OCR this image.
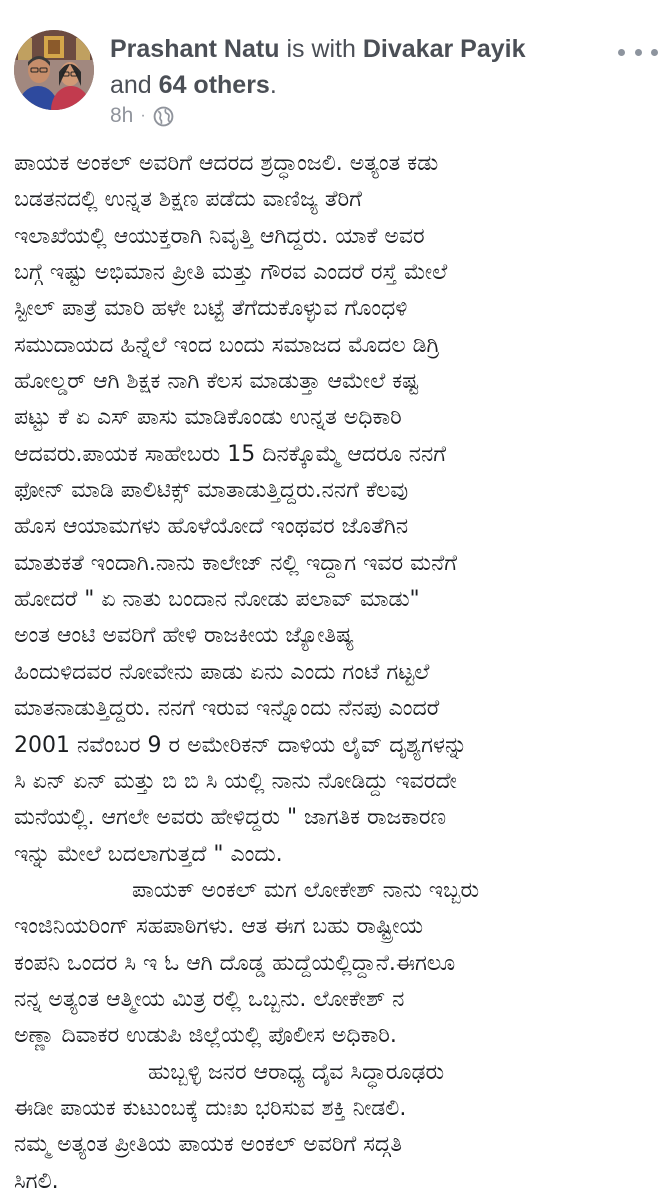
Prashant Natu is with Divakar Payik
and 64 others.
8h ·
ಪಾಯಕ ಅಂಕಲ್ ಅವರಿಗೆ ಆದರದ ಶ್ರದ್ಧಾಂಜಲಿ. ಅತ್ಯಂತ ಕಡು
ಬಡತನದಲ್ಲಿ ಉನ್ನತ ಶಿಕ್ಷಣ ಪಡೆದು ವಾಣಿಜ್ಯ ತೆರಿಗೆ
ಇಲಾಖೆಯಲ್ಲಿ ಆಯುಕ್ತರಾಗಿ ನಿವೃತ್ತಿ ಆಗಿದ್ದರು. ಯಾಕೆ ಅವರ
ಬಗ್ಗೆ ಇಷ್ಟು ಅಭಿಮಾನ ಪ್ರೀತಿ ಮತ್ತು ಗೌರವ ಎಂದರೆ ರಸ್ತೆ ಮೇಲೆ
ಸ್ಟೀಲ್ ಪಾತ್ರೆ ಮಾರಿ ಹಳೇ ಬಟ್ಟೆ ತೆಗೆದುಕೊಳ್ಳುವ ಗೊಂಧಳಿ
ಸಮುದಾಯದ ಹಿನ್ನೆಲೆ ಇಂದ ಬಂದು ಸಮಾಜದ ಮೊದಲ ಡಿಗ್ರಿ
ಹೋಲ್ಡರ್ ಆಗಿ ಶಿಕ್ಷಕ ನಾಗಿ ಕೆಲಸ ಮಾಡುತ್ತಾ ಆಮೇಲೆ ಕಷ್ಟ
ಪಟ್ಟು ಕೆ ಏ ಎಸ್ ಪಾಸು ಮಾಡಿಕೊಂಡು ಉನ್ನತ ಅಧಿಕಾರಿ
ಆದವರು.ಪಾಯಕ ಸಾಹೇಬರು 15 ದಿನಕ್ಕೊಮ್ಮೆ ಆದರೂ ನನಗೆ
ಫೋನ್ ಮಾಡಿ ಪಾಲಿಟಿಕ್ಸ್ ಮಾತಾಡುತ್ತಿದ್ದರು.ನನಗೆ ಕೆಲವು
ಹೊಸ ಆಯಾಮಗಳು ಹೊಳೆಯೋದೆ ಇಂಥವರ ಜೊತೆಗಿನ
ಮಾತುಕತೆ ಇಂದಾಗಿ.ನಾನು ಕಾಲೇಜ್ ನಲ್ಲಿ ಇದ್ದಾಗ ಇವರ ಮನೆಗೆ
ಹೋದರೆ " ಏ ನಾತು ಬಂದಾನ ನೋಡು ಪಲಾವ್ ಮಾಡು"
ಅಂತ ಆಂಟಿ ಅವರಿಗೆ ಹೇಳಿ ರಾಜಕೀಯ ಜ್ಯೋತಿಷ್ಯ
ಹಿಂದುಳಿದವರ ನೋವೇನು ಪಾಡು ಏನು ಎಂದು ಗಂಟೆ ಗಟ್ಟಲೆ
ಮಾತನಾಡುತ್ತಿದ್ದರು. ನನಗೆ ಇರುವ ಇನ್ನೊಂದು ನೆನಪು ಎಂದರೆ
2001 ನವೆಂಬರ 9 ರ ಅಮೇರಿಕನ್ ದಾಳಿಯ ಲೈವ್ ದೃಶ್ಯಗಳನ್ನು
ಸಿ ಏನ್ ಏನ್ ಮತ್ತು ಬಿ ಬಿ ಸಿ ಯಲ್ಲಿ ನಾನು ನೋಡಿದ್ದು ಇವರದೇ
ಮನೆಯಲ್ಲಿ. ಆಗಲೇ ಅವರು ಹೇಳಿದ್ದರು " ಜಾಗತಿಕ ರಾಜಕಾರಣ
ಇನ್ನು ಮೇಲೆ ಬದಲಾಗುತ್ತದೆ " ಎಂದು.
ಪಾಯಕ್ ಅಂಕಲ್ ಮಗ ಲೋಕೇಶ್ ನಾನು ಇಬ್ಬರು
ಇಂಜಿನಿಯರಿಂಗ್ ಸಹಪಾಠಿಗಳು. ಆತ ಈಗ ಬಹು ರಾಷ್ಟ್ರೀಯ
ಕಂಪನಿ ಒಂದರ ಸಿ ಇ ಓ ಆಗಿ ದೊಡ್ಡ ಹುದ್ದೆಯಲ್ಲಿದ್ದಾನೆ.ಈಗಲೂ
ನನ್ನ ಅತ್ಯಂತ ಆತ್ಮೀಯ ಮಿತ್ರ ರಲ್ಲಿ ಒಬ್ಬನು. ಲೋಕೇಶ್ ನ
ಅಣ್ಣಾ ದಿವಾಕರ ಉಡುಪಿ ಜಿಲ್ಲೆಯಲ್ಲಿ ಪೊಲೀಸ ಅಧಿಕಾರಿ.
ಹುಬ್ಬಳ್ಳಿ ಜನರ ಆರಾಧ್ಯ ದೈವ ಸಿದ್ಧಾರೂಢರು
ಈಡೀ ಪಾಯಕ ಕುಟುಂಬಕ್ಕೆ ದುಃಖ ಭರಿಸುವ ಶಕ್ತಿ ನೀಡಲಿ.
ನಮ್ಮ ಅತ್ಯಂತ ಪ್ರೀತಿಯ ಪಾಯಕ ಅಂಕಲ್ ಅವರಿಗೆ ಸದ್ಗತಿ
ಸಿಗಲಿ.
